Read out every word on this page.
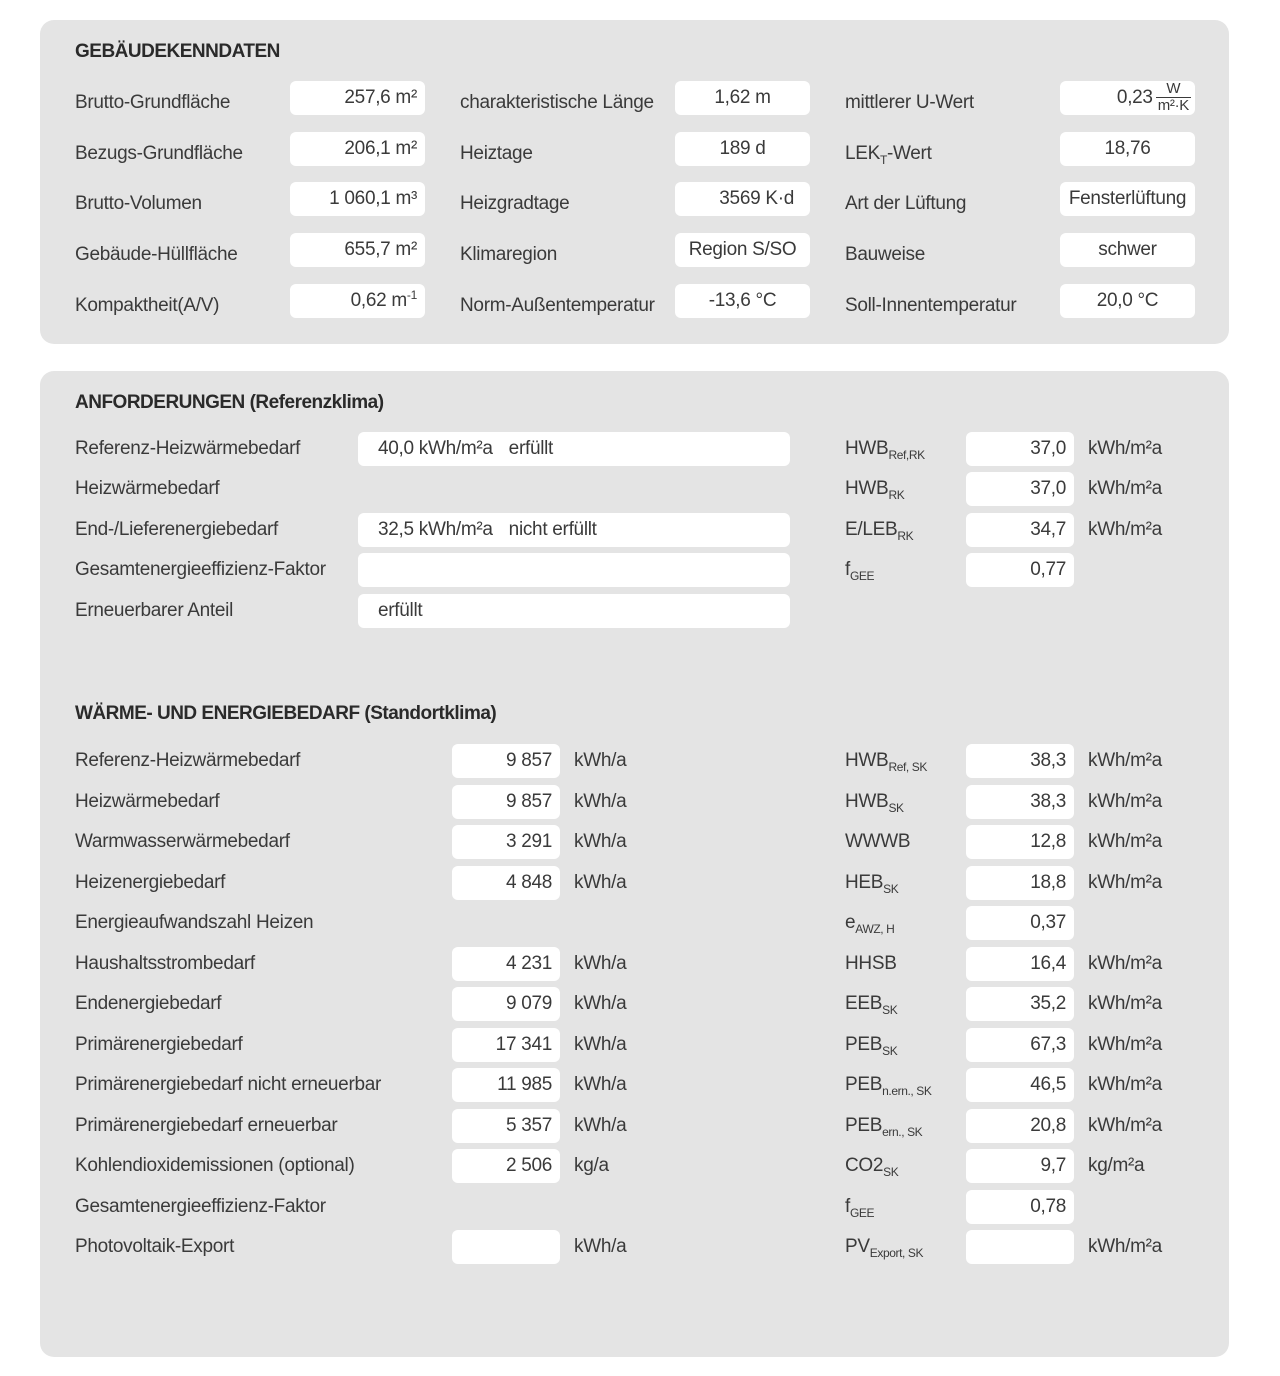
GEBÄUDEKENNDATEN
Brutto-Grundfläche	257,6 m²
Bezugs-Grundfläche	206,1 m²
Brutto-Volumen	1 060,1 m³
Gebäude-Hüllfläche	655,7 m²
Kompaktheit(A/V)	0,62 $m^{-1}$
charakteristische Länge	1,62 m
Heiztage	189 d
Heizgradtage	3569 K·d
Klimaregion	Region S/SO
Norm-Außentemperatur	-13,6 °C
mittlerer U-Wert	$0,23 \frac{W}{\text{m²·K}}$
$LEK_T$-Wert	18,76
Art der Lüftung	Fensterlüftung
Bauweise	schwer
Soll-Innentemperatur	20,0 °C
ANFORDERUNGEN (Referenzklima)
Referenz-Heizwärmebedarf	40,0 kWh/m²a erfüllt	$HWB_{Ref,RK}$	37,0	kWh/m²a
Heizwärmebedarf	$HWB_{RK}$	37,0	kWh/m²a
End-/Lieferenergiebedarf	32,5 kWh/m²a nicht erfüllt	$E/LEB_{RK}$	34,7	kWh/m²a
Gesamtenergieeffizienz-Faktor	$f_{GEE}$	0,77
Erneuerbarer Anteil	erfüllt
WÄRME- UND ENERGIEBEDARF (Standortklima)
Referenz-Heizwärmebedarf	9 857	kWh/a	$HWB_{Ref, SK}$	38,3	kWh/m²a
Heizwärmebedarf	9 857	kWh/a	$HWB_{SK}$	38,3	kWh/m²a
Warmwasserwärmebedarf	3 291	kWh/a	WWWB	12,8	kWh/m²a
Heizenergiebedarf	4 848	kWh/a	$HEB_{SK}$	18,8	kWh/m²a
Energieaufwandszahl Heizen	$e_{AWZ, H}$	0,37
Haushaltsstrombedarf	4 231	kWh/a	HHSB	16,4	kWh/m²a
Endenergiebedarf	9 079	kWh/a	$EEB_{SK}$	35,2	kWh/m²a
Primärenergiebedarf	17 341	kWh/a	$PEB_{SK}$	67,3	kWh/m²a
Primärenergiebedarf nicht erneuerbar	11 985	kWh/a	$PEB_{n.ern., SK}$	46,5	kWh/m²a
Primärenergiebedarf erneuerbar	5 357	kWh/a	$PEB_{ern., SK}$	20,8	kWh/m²a
Kohlendioxidemissionen (optional)	2 506	kg/a	$CO2_{SK}$	9,7	kg/m²a
Gesamtenergieeffizienz-Faktor	$f_{GEE}$	0,78
Photovoltaik-Export	kWh/a	$PV_{Export, SK}$	kWh/m²a
